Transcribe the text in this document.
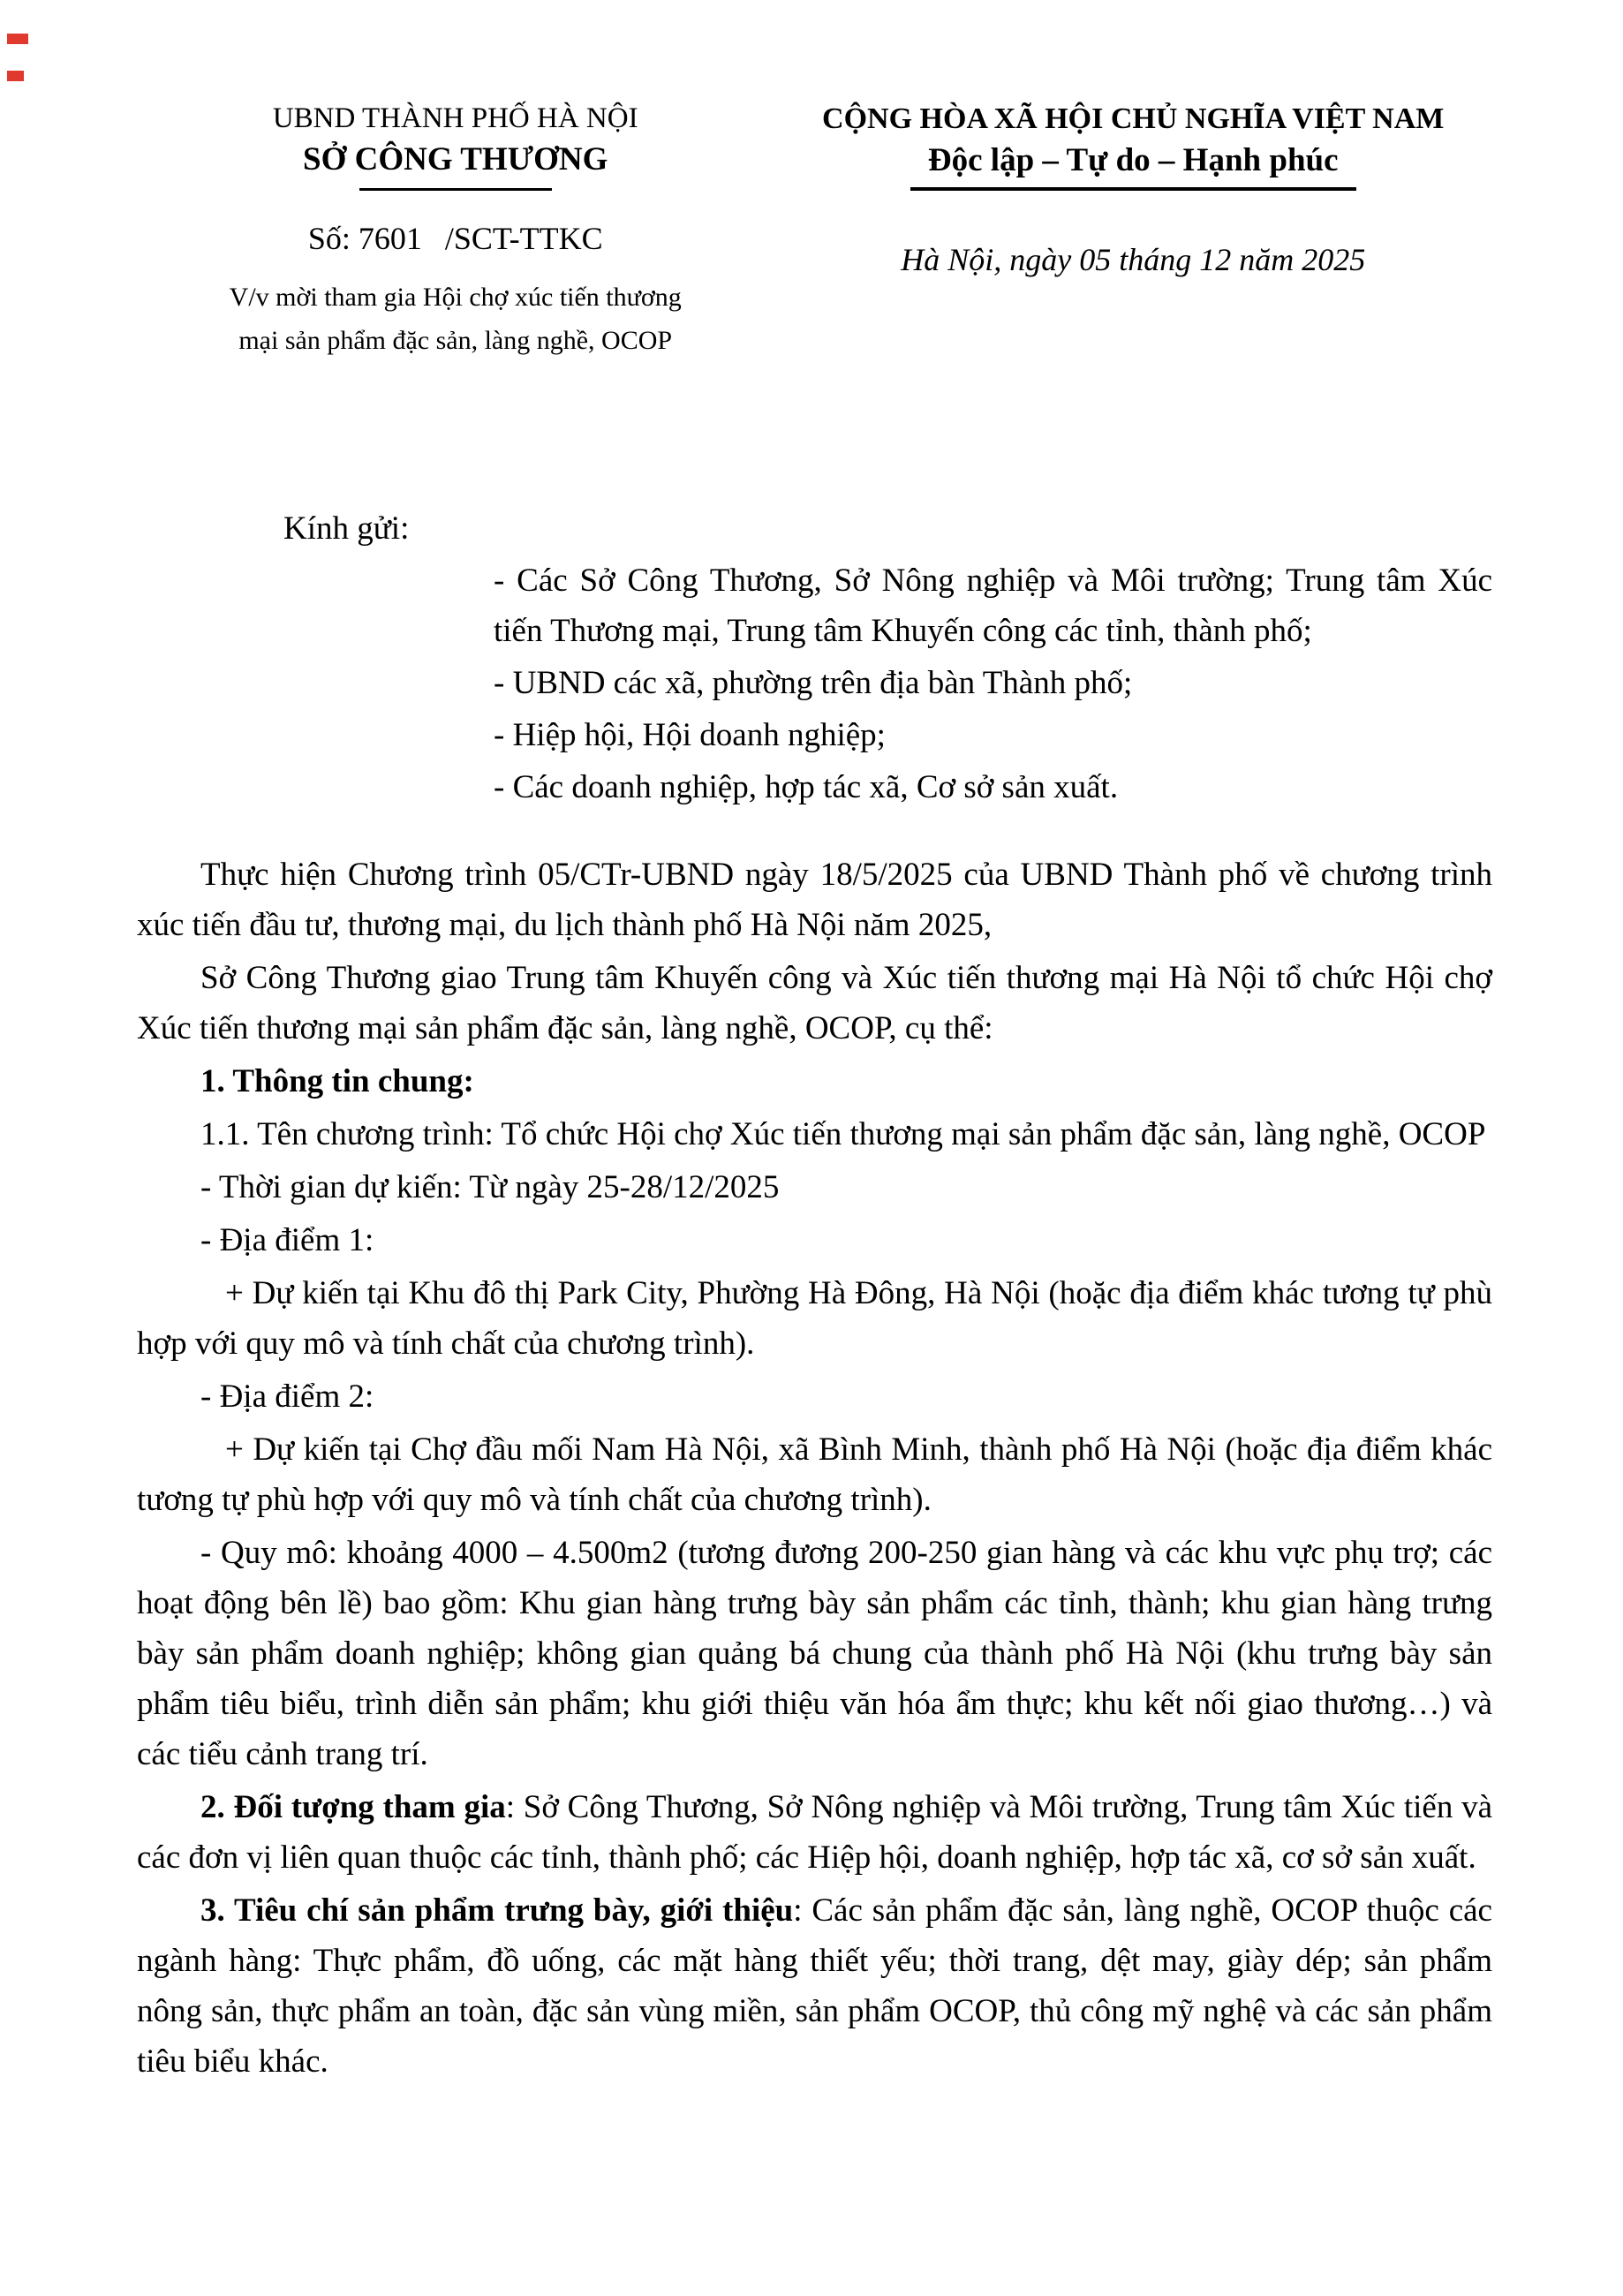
UBND THÀNH PHỐ HÀ NỘI
SỞ CÔNG THƯƠNG
Số: 7601 /SCT-TTKC
V/v mời tham gia Hội chợ xúc tiến thương
mại sản phẩm đặc sản, làng nghề, OCOP
CỘNG HÒA XÃ HỘI CHỦ NGHĨA VIỆT NAM
Độc lập – Tự do – Hạnh phúc
Hà Nội, ngày 05 tháng 12 năm 2025
Kính gửi:
- Các Sở Công Thương, Sở Nông nghiệp và Môi trường; Trung tâm Xúc tiến Thương mại, Trung tâm Khuyến công các tỉnh, thành phố;
- UBND các xã, phường trên địa bàn Thành phố;
- Hiệp hội, Hội doanh nghiệp;
- Các doanh nghiệp, hợp tác xã, Cơ sở sản xuất.

Thực hiện Chương trình 05/CTr-UBND ngày 18/5/2025 của UBND Thành phố về chương trình xúc tiến đầu tư, thương mại, du lịch thành phố Hà Nội năm 2025,

Sở Công Thương giao Trung tâm Khuyến công và Xúc tiến thương mại Hà Nội tổ chức Hội chợ Xúc tiến thương mại sản phẩm đặc sản, làng nghề, OCOP, cụ thể:

1. Thông tin chung:

1.1. Tên chương trình: Tổ chức Hội chợ Xúc tiến thương mại sản phẩm đặc sản, làng nghề, OCOP

- Thời gian dự kiến: Từ ngày 25-28/12/2025

- Địa điểm 1:

+ Dự kiến tại Khu đô thị Park City, Phường Hà Đông, Hà Nội (hoặc địa điểm khác tương tự phù hợp với quy mô và tính chất của chương trình).

- Địa điểm 2:

+ Dự kiến tại Chợ đầu mối Nam Hà Nội, xã Bình Minh, thành phố Hà Nội (hoặc địa điểm khác tương tự phù hợp với quy mô và tính chất của chương trình).

- Quy mô: khoảng 4000 – 4.500m2 (tương đương 200-250 gian hàng và các khu vực phụ trợ; các hoạt động bên lề) bao gồm: Khu gian hàng trưng bày sản phẩm các tỉnh, thành; khu gian hàng trưng bày sản phẩm doanh nghiệp; không gian quảng bá chung của thành phố Hà Nội (khu trưng bày sản phẩm tiêu biểu, trình diễn sản phẩm; khu giới thiệu văn hóa ẩm thực; khu kết nối giao thương…) và các tiểu cảnh trang trí.

2. Đối tượng tham gia: Sở Công Thương, Sở Nông nghiệp và Môi trường, Trung tâm Xúc tiến và các đơn vị liên quan thuộc các tỉnh, thành phố; các Hiệp hội, doanh nghiệp, hợp tác xã, cơ sở sản xuất.

3. Tiêu chí sản phẩm trưng bày, giới thiệu: Các sản phẩm đặc sản, làng nghề, OCOP thuộc các ngành hàng: Thực phẩm, đồ uống, các mặt hàng thiết yếu; thời trang, dệt may, giày dép; sản phẩm nông sản, thực phẩm an toàn, đặc sản vùng miền, sản phẩm OCOP, thủ công mỹ nghệ và các sản phẩm tiêu biểu khác.
